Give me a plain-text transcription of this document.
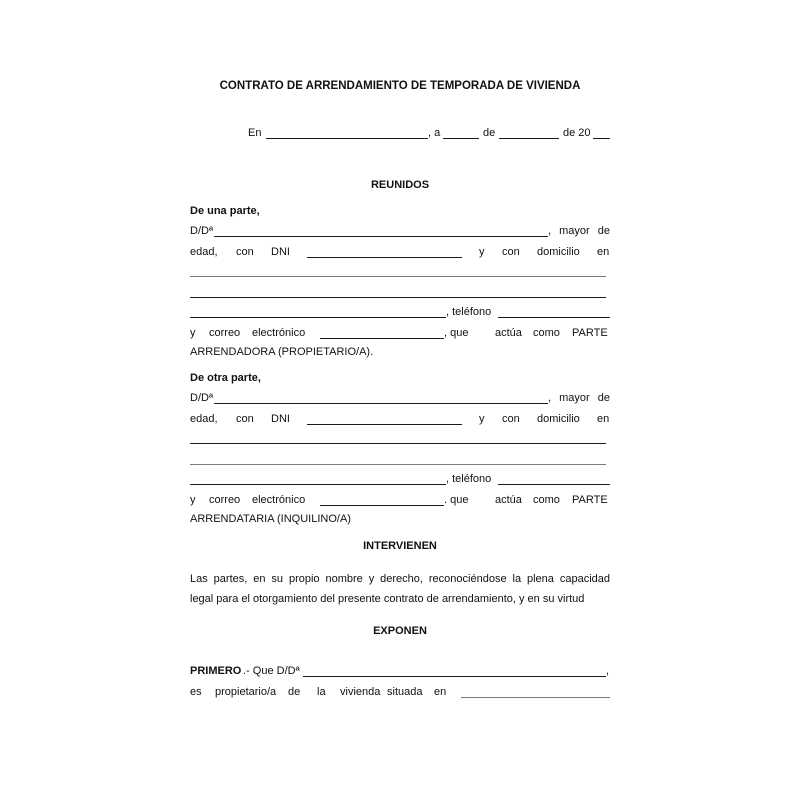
CONTRATO DE ARRENDAMIENTO DE TEMPORADA DE VIVIENDA
En	, a	de	de 20
REUNIDOS
De una parte,
D/Dª	, mayor de
edad, con DNI	y con domicilio en
, teléfono
y correo electrónico	, que actúa como PARTE
ARRENDADORA (PROPIETARIO/A).
De otra parte,
D/Dª	, mayor de
edad, con DNI	y con domicilio en
, teléfono
y correo electrónico	. que actúa como PARTE
ARRENDATARIA (INQUILINO/A)
INTERVIENEN
Las partes, en su propio nombre y derecho, reconociéndose la plena capacidad
legal para el otorgamiento del presente contrato de arrendamiento, y en su virtud
EXPONEN
PRIMERO .- Que D/Dª	,
es propietario/a de la vivienda situada en
